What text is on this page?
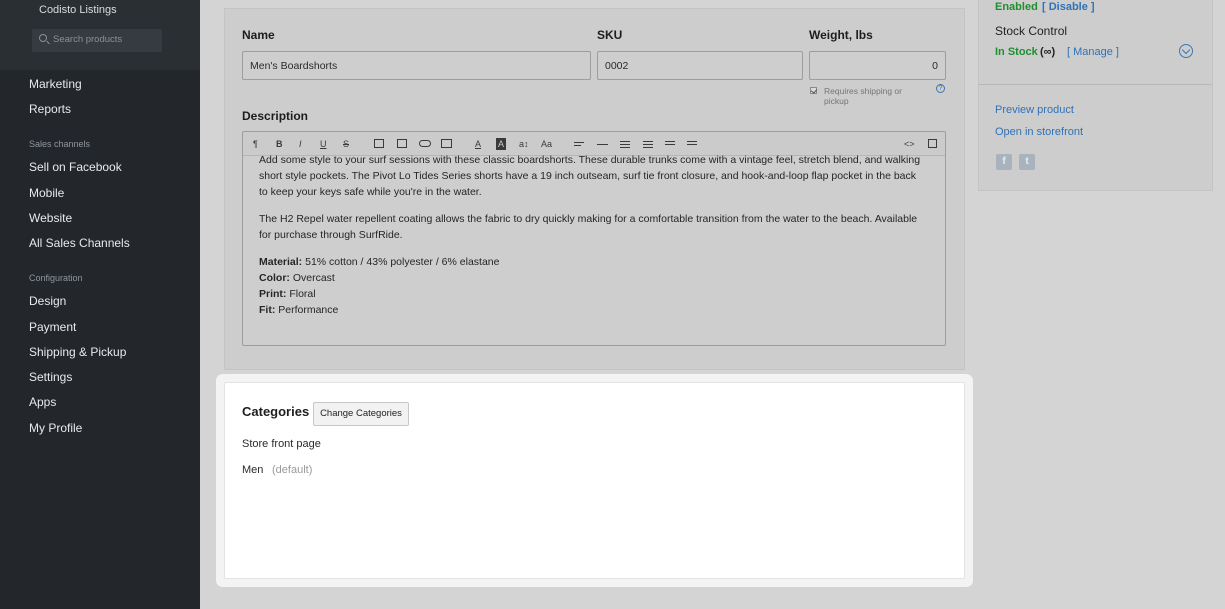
Codisto Listings
Search products
Marketing
Reports
Sales channels
Sell on Facebook
Mobile
Website
All Sales Channels
Configuration
Design
Payment
Shipping & Pickup
Settings
Apps
My Profile
Name
Men's Boardshorts
SKU
0002
Weight, lbs
0
Requires shipping or pickup
?
Description
¶ B I U S	A A a↕ Aa	<>

Add some style to your surf sessions with these classic boardshorts. These durable trunks come with a vintage feel, stretch blend, and walking short style pockets. The Pivot Lo Tides Series shorts have a 19 inch outseam, surf tie front closure, and hook-and-loop flap pocket in the back to keep your keys safe while you're in the water.

The H2 Repel water repellent coating allows the fabric to dry quickly making for a comfortable transition from the water to the beach. Available for purchase through SurfRide.

Material: 51% cotton / 43% polyester / 6% elastane

Color: Overcast

Print: Floral

Fit: Performance

Categories	Change Categories
Store front page
Men (default)
Enabled [ Disable ]
Stock Control
In Stock (∞) [ Manage ]
Preview product
Open in storefront
f	t
